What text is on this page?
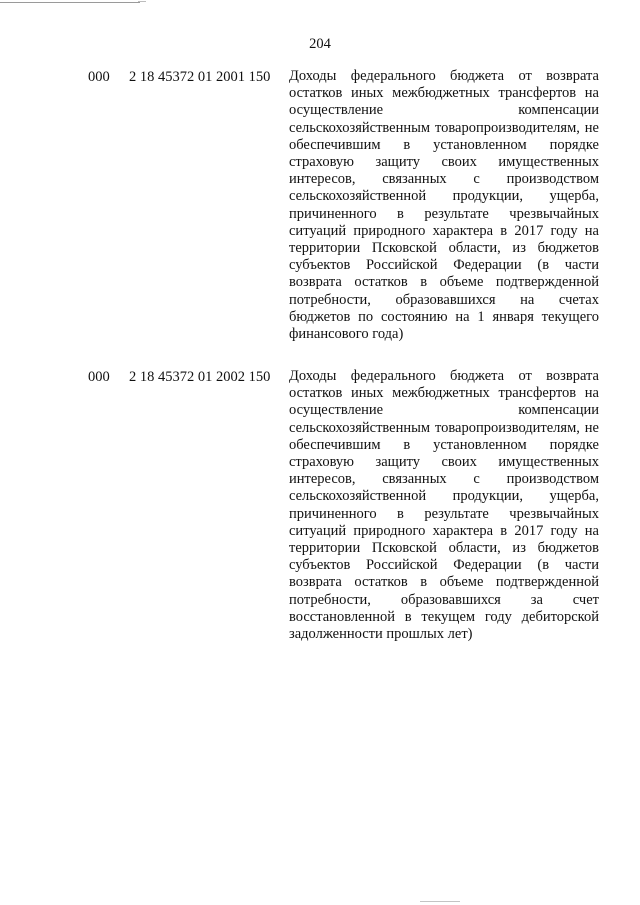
204
000 2 18 45372 01 2001 150 Доходы федерального бюджета от возврата остатков иных межбюджетных трансфертов на осуществление компенсации сельскохозяйственным товаропроизводителям, не обеспечившим в установленном порядке страховую защиту своих имущественных интересов, связанных с производством сельскохозяйственной продукции, ущерба, причиненного в результате чрезвычайных ситуаций природного характера в 2017 году на территории Псковской области, из бюджетов субъектов Российской Федерации (в части возврата остатков в объеме подтвержденной потребности, образовавшихся на счетах бюджетов по состоянию на 1 января текущего финансового года)
000 2 18 45372 01 2002 150 Доходы федерального бюджета от возврата остатков иных межбюджетных трансфертов на осуществление компенсации сельскохозяйственным товаропроизводителям, не обеспечившим в установленном порядке страховую защиту своих имущественных интересов, связанных с производством сельскохозяйственной продукции, ущерба, причиненного в результате чрезвычайных ситуаций природного характера в 2017 году на территории Псковской области, из бюджетов субъектов Российской Федерации (в части возврата остатков в объеме подтвержденной потребности, образовавшихся за счет восстановленной в текущем году дебиторской задолженности прошлых лет)
